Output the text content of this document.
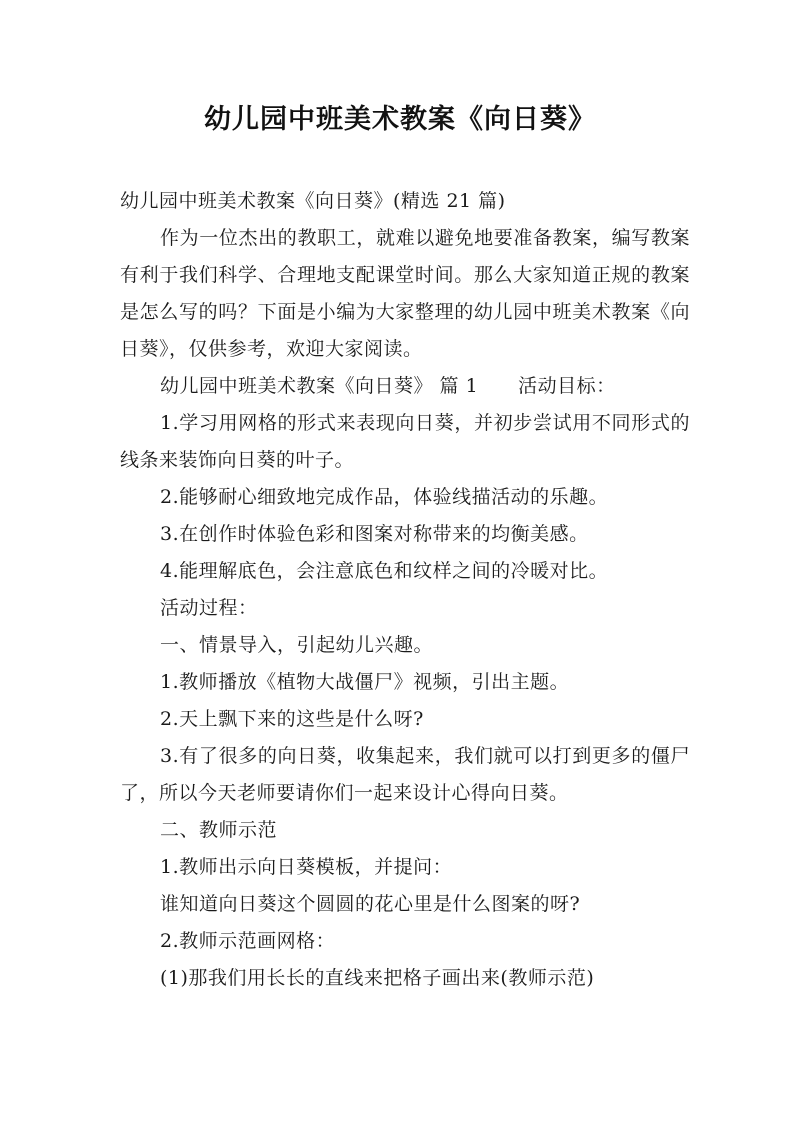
幼儿园中班美术教案《向日葵》

幼儿园中班美术教案《向日葵》(精选 21 篇)

作为一位杰出的教职工，就难以避免地要准备教案，编写教案有利于我们科学、合理地支配课堂时间。那么大家知道正规的教案是怎么写的吗？下面是小编为大家整理的幼儿园中班美术教案《向日葵》，仅供参考，欢迎大家阅读。

幼儿园中班美术教案《向日葵》 篇 1 活动目标：

1.学习用网格的形式来表现向日葵，并初步尝试用不同形式的线条来装饰向日葵的叶子。

2.能够耐心细致地完成作品，体验线描活动的乐趣。

3.在创作时体验色彩和图案对称带来的均衡美感。

4.能理解底色，会注意底色和纹样之间的冷暖对比。

活动过程：

一、情景导入，引起幼儿兴趣。

1.教师播放《植物大战僵尸》视频，引出主题。

2.天上飘下来的这些是什么呀?

3.有了很多的向日葵，收集起来，我们就可以打到更多的僵尸了，所以今天老师要请你们一起来设计心得向日葵。

二、教师示范

1.教师出示向日葵模板，并提问：

谁知道向日葵这个圆圆的花心里是什么图案的呀?

2.教师示范画网格：

(1)那我们用长长的直线来把格子画出来(教师示范)
